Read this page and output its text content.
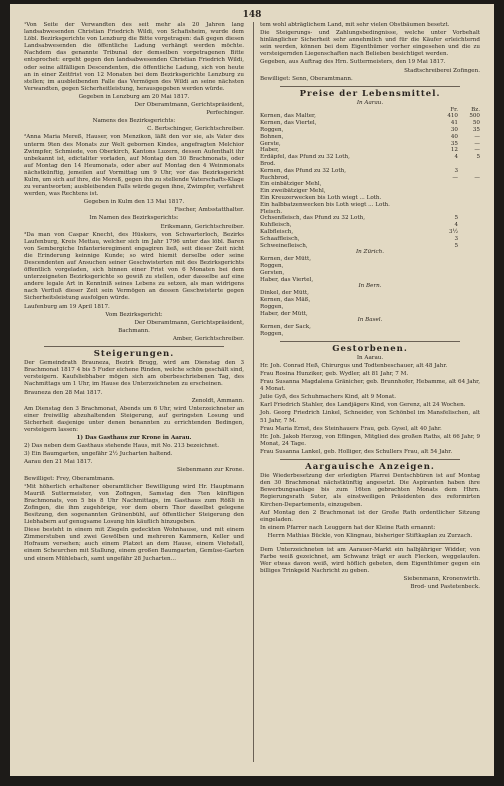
148

¹Von Seite der Verwandten des seit mehr als 20 Jahren lang landsabwesenden Christian Friedrich Wildi, von Schafisheim, wurde dem Löbl. Bezirksgerichte von Lenzburg die Bitte vorgetragen: daß gegen diesen Landsabwesenden die öffentliche Ladung verhängt werden möchte. Nachdem das genannte Tribunal der demselben vorgetragenen Bitte entsprochet: ergeht gegen den landsabwesenden Christian Friedrich Wildi, oder seine allfälligen Descendenten, die öffentliche Ladung, sich von heute an in einer Zeitfrist von 12 Monaten bei dem Bezirksgerichte Lenzburg zu stellen; im ausbleibenden Falle das Vermögen des Wildi an seine nächsten Verwandten, gegen Sicherheitleistung, herausgegeben werden würde.

Gegeben in Lenzburg am 20 Mai 1817.

Der Oberamtmann, Gerichtspräsident,

Perfechinger.

Namens des Bezirksgerichts:

C. Bertschinger, Gerichtschreiber.

²Anna Maria Mereß, Hauser, von Menzikon, läßt den vor sie, als Vater des unterm 9ten des Monats zur Welt gebornen Kindes, angefragten Melchior Zwimpfer, Schmiede, von Oberkirch, Kantons Luzern, dessen Aufenthalt ihr unbekannt ist, edictaliter vorladen, auf Montag den 30 Brachmonats, oder auf Montag den 14 Heumonats, oder aber auf Montag den 4 Weinmonats nächstkünftig, jemeilen auf Vormittag um 9 Uhr, vor das Bezirksgericht Kulm, um sich auf ihre, die Mereß, gegen ihn zu stellende Vaterschafts-Klage zu verantworten; ausbleibenden Falls würde gegen ihne, Zwimpfer, verfahret werden, was Rechtens ist.

Gegeben in Kulm den 13 Mai 1817.

Fischer, Amtsstatthalter.

Im Namen des Bezirksgerichts:

Eriksmann, Gerichtschreiber.

³Da man von Caspar Knecht, des Hüskers, von Schwarterloch, Bezirks Laufenburg, Kreis Mettau, welcher sich im Jahr 1796 unter das löbl. Baren von Sembergiche Infanterieregiment engagiren ließ, seit dieser Zeit nicht die Erinderung keinnige Kunde; so wird hiemit derselbe oder seine Descendenten auf Ansuchen seiner Geschwisterten mit des Bezirksgerichts öffentlich vorgeladen, sich binnen einer Frist von 6 Monaten bei dem unterzeigneten Bezirksgerichte so gewiß zu stellen, oder dasselbe auf eine andere legale Art in Kenntniß seines Lebens zu setzen, als man widrigens nach Verfluß dieser Zeit sein Vermögen an dessen Geschwisterte gegen Sicherheitsleistung ausfolgen würde.

Laufenburg am 19 April 1817.

Vom Bezirksgericht:

Der Oberamtmann, Gerichtspräsident,

Bachmann.

Amber, Gerichtschreiber.

Steigerungen.

Der Gemeindrath Brauneza, Bezirk Brugg, wird am Dienstag den 3 Brachmonat 1817 4 bis 5 Fuder eichene Rinden, welche schön geschält sind, versteigern. Kaufsliebhaber mögen sich am oberbeschriebenen Tag, des Nachmittags um 1 Uhr, im Hause des Unterzeichneten zu erscheinen.

Brauneza den 28 Mai 1817.

Zenoldt, Ammann.

Am Dienstag den 3 Brachmonat, Abends um 6 Uhr, wird Unterzeichneter an einer freiwillig abzuhaltenden Steigerung, auf geringsten Losung und Sicherheit dasjenige unter denen benannten zu errichtenden Bedingen, versteigern lassen:

1) Das Gasthaus zur Krone in Aarau.

2) Das neben dem Gasthaus stehende Haus, mit No. 213 bezeichnet.

3) Ein Baumgarten, ungefähr 2½ Jucharten haltend.

Aarau den 21 Mai 1817.

Siebenmann zur Krone.

Bewilliget: Frey, Oberamtmann.

¹Mit höherlich erhaltener oberamtlicher Bewilligung wird Hr. Hauptmann Mauriß Suttermeister, von Zofingen, Samstag den 7ten künftigen Brachmonats, von 5 bis 8 Uhr Nachmittags, im Gasthaus zum Rößli in Zofingen, die ihm zugehörige, vor dem obern Thor daselbst gelegene Besitzung, den sogenannten Grünenbühl, auf öffentlicher Steigerung den Liebhabern auf genugsame Losung hin käuflich hinzugeben.

Diese besteht in einem mit Ziegeln gedeckten Wohnhause, und mit einem Zimmerstuben und zwei Gewölben und mehreren Kammern, Keller und Hofraum versehen; auch einem Platzet an dem Hause, einem Viehstall, einem Scheurchen mit Stallung, einem großen Baumgarten, Gemüse-Garten und einem Mühlebach, samt ungefähr 28 Jucharten...

tem wohl abträglichem Land, mit sehr vielen Obstbäumen besetzt.

Die Steigerungs- und Zahlungsbedingnisse, welche unter Vorbehalt hinlänglicher Sicherheit sehr annehmlich und für die Käufer erleichternd sein werden, können bei dem Eigenthümer vorher eingesehen und die zu versteigernden Liegenschaften nach Belieben besichtiget werden.

Gegeben, aus Auftrag des Hrn. Suttermeisters, den 19 Mai 1817.

Stadtschreiberei Zofingen.

Bewilliget: Senn, Oberamtmann.

Preise der Lebensmittel.
In Aarau.		
	Fr.	Bz.
Kernen, das Malter,	410	500
Kernen, das Viertel,	41	50
Roggen,	30	35
Bohnen,	40	—
Gerste,	35	—
Haber,	12	—
Erdäpfel, das Pfund zu 32 Loth,	4	5
Brod.		
Kernen, das Pfund zu 32 Loth,	3	
Ruchbrod,	—	—
Ein einbätziger Mehl,		
Ein zweibätziger Mehl,		
Ein Kreuzerwecken bis Loth wiegt ... Loth.		
Ein halbbatzenwecken bis Loth wiegt ... Loth.		
Fleisch.		
Ochsenfleisch, das Pfund zu 32 Loth,	5	
Kuhfleisch,	4	
Kalbfleisch,	3½	
Schaaffleisch,	3	
Schweinefleisch,	5	
In Zürich.		
Kernen, der Mütt,		
Roggen,		
Gersten,		
Haber, das Viertel,		
In Bern.		
Dinkel, der Mütt,		
Kernen, das Mäß,		
Roggen,		
Haber, der Mütt,		
In Basel.		
Kernen, der Sack,		
Roggen,		
Gestorbenen.

In Aarau.

Hr. Joh. Conrad Heß, Chirurgus und Todtenbeschauer, alt 48 Jahr.

Frau Rosina Hunziker, geb. Wydler, alt 81 Jahr, 7 M.

Frau Susanna Magdalena Gränicher, geb. Brunnhofer, Hebamme, alt 64 Jahr, 4 Monat.

Julie Gyß, des Schuhmachers Kind, alt 9 Monat.

Karl Friedrich Stahler, des Landjägers Kind, von Gerenz, alt 24 Wochen.

Joh. Georg Friedrich Linkel, Schneider, von Schönbel im Mansfelischen, alt 51 Jahr, 7 M.

Frau Maria Ernst, des Steinhauers Frau, geb. Gysel, alt 40 Jahr.

Hr. Joh. Jakob Herzog, von Eflingen, Mitglied des großen Raths, alt 66 Jahr, 9 Monat, 24 Tage.

Frau Susanna Lankel, geb. Holliger, des Schullers Frau, alt 54 Jahr.

Aargauische Anzeigen.

Die Wiederbesetzung der erledigten Pfarrei Dentschbüren ist auf Montag den 30 Brachmonat nächstkünftig angesetzt. Die Aspiranten haben ihre Bewerbungsanlage bis zum 16ten gebrachten Monats dem Hhrn. Regierungsrath Suter, als einstweiligen Präsidenten des reformirten Kirchen-Departements, einzugeben.

Auf Montag den 2 Brachmonat ist der Große Rath ordentlicher Sitzung eingeladen.

In einem Pfarrer nach Leuggern hat der Kleine Rath ernannt:

Herrn Mathias Bückle, von Klingnau, bisheriger Stiftkaplan zu Zurzach.

Dem Unterzeichneten ist am Aarauer-Markt ein halbjähriger Widder, von Farbe weiß gezeichnet, am Schwanz trägt er auch Flecken, weggelaufen. Wer etwas davon weiß, wird höflich gebeten, dem Eigenthümer gegen ein billiges Trinkgeld Nachricht zu geben.

Siebenmann, Kronenwirth.

Brod- und Pastetenbeck.
